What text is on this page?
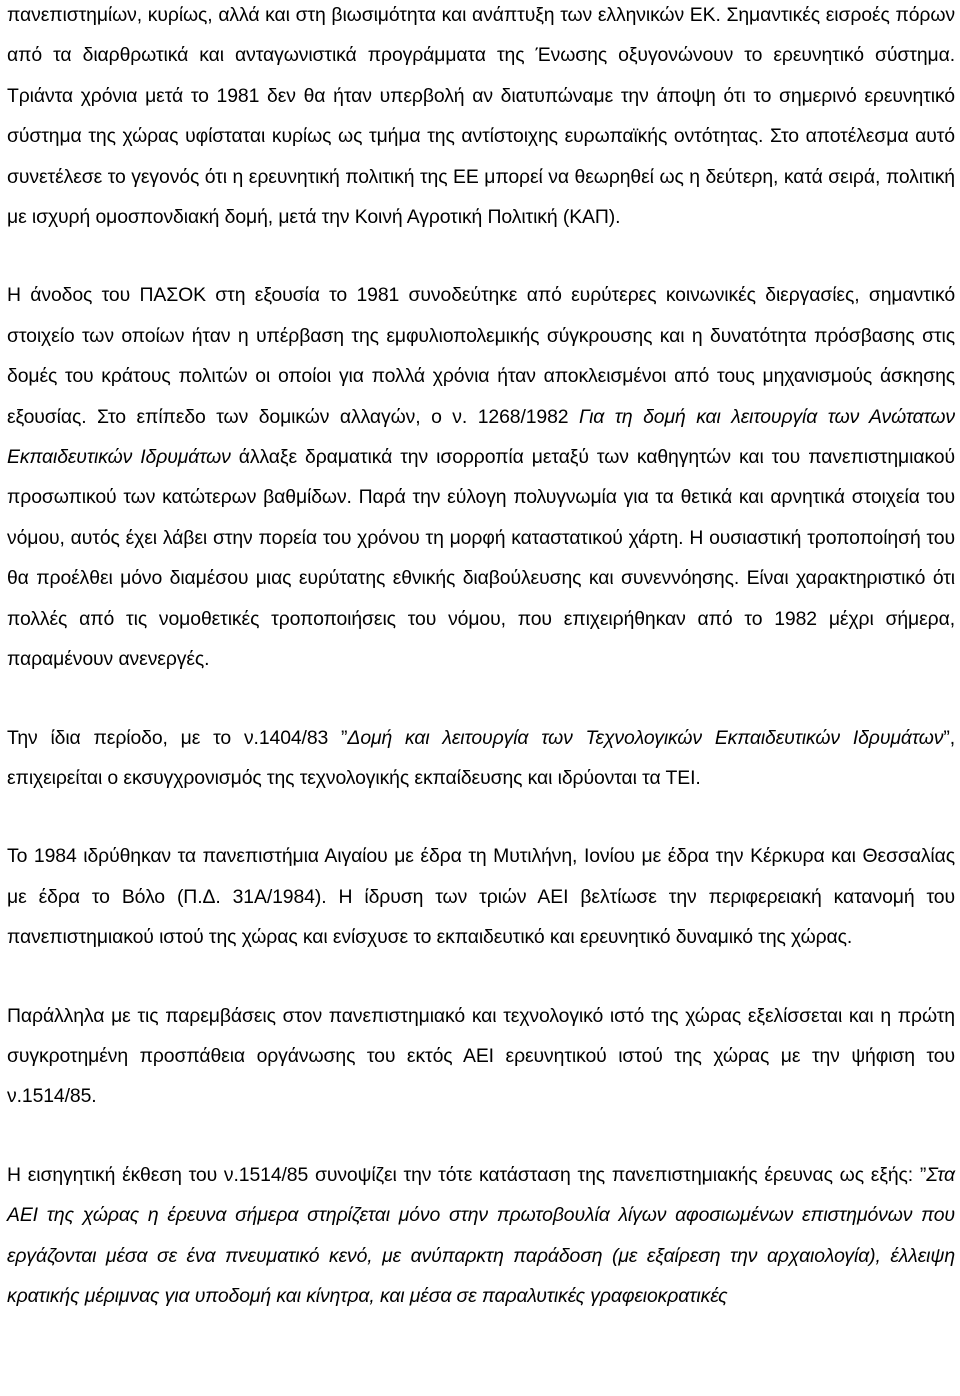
πανεπιστημίων, κυρίως, αλλά και στη βιωσιμότητα και ανάπτυξη των ελληνικών ΕΚ. Σημαντικές εισροές πόρων από τα διαρθρωτικά και ανταγωνιστικά προγράμματα της Ένωσης οξυγονώνουν το ερευνητικό σύστημα. Τριάντα χρόνια μετά το 1981 δεν θα ήταν υπερβολή αν διατυπώναμε την άποψη ότι το σημερινό ερευνητικό σύστημα της χώρας υφίσταται κυρίως ως τμήμα της αντίστοιχης ευρωπαϊκής οντότητας. Στο αποτέλεσμα αυτό συνετέλεσε το γεγονός ότι η ερευνητική πολιτική της ΕΕ μπορεί να θεωρηθεί ως η δεύτερη, κατά σειρά, πολιτική με ισχυρή ομοσπονδιακή δομή, μετά την Κοινή Αγροτική Πολιτική (ΚΑΠ).

Η άνοδος του ΠΑΣΟΚ στη εξουσία το 1981 συνοδεύτηκε από ευρύτερες κοινωνικές διεργασίες, σημαντικό στοιχείο των οποίων ήταν η υπέρβαση της εμφυλιοπολεμικής σύγκρουσης και η δυνατότητα πρόσβασης στις δομές του κράτους πολιτών οι οποίοι για πολλά χρόνια ήταν αποκλεισμένοι από τους μηχανισμούς άσκησης εξουσίας. Στο επίπεδο των δομικών αλλαγών, ο ν. 1268/1982 Για τη δομή και λειτουργία των Ανώτατων Εκπαιδευτικών Ιδρυμάτων άλλαξε δραματικά την ισορροπία μεταξύ των καθηγητών και του πανεπιστημιακού προσωπικού των κατώτερων βαθμίδων. Παρά την εύλογη πολυγνωμία για τα θετικά και αρνητικά στοιχεία του νόμου, αυτός έχει λάβει στην πορεία του χρόνου τη μορφή καταστατικού χάρτη. Η ουσιαστική τροποποίησή του θα προέλθει μόνο διαμέσου μιας ευρύτατης εθνικής διαβούλευσης και συνεννόησης. Είναι χαρακτηριστικό ότι πολλές από τις νομοθετικές τροποποιήσεις του νόμου, που επιχειρήθηκαν από το 1982 μέχρι σήμερα, παραμένουν ανενεργές.

Την ίδια περίοδο, με το ν.1404/83 ”Δομή και λειτουργία των Τεχνολογικών Εκπαιδευτικών Ιδρυμάτων”, επιχειρείται ο εκσυγχρονισμός της τεχνολογικής εκπαίδευσης και ιδρύονται τα ΤΕΙ.

Το 1984 ιδρύθηκαν τα πανεπιστήμια Αιγαίου με έδρα τη Μυτιλήνη, Ιονίου με έδρα την Κέρκυρα και Θεσσαλίας με έδρα το Βόλο (Π.Δ. 31Α/1984). Η ίδρυση των τριών ΑΕΙ βελτίωσε την περιφερειακή κατανομή του πανεπιστημιακού ιστού της χώρας και ενίσχυσε το εκπαιδευτικό και ερευνητικό δυναμικό της χώρας.

Παράλληλα με τις παρεμβάσεις στον πανεπιστημιακό και τεχνολογικό ιστό της χώρας εξελίσσεται και η πρώτη συγκροτημένη προσπάθεια οργάνωσης του εκτός ΑΕΙ ερευνητικού ιστού της χώρας με την ψήφιση του ν.1514/85.

Η εισηγητική έκθεση του ν.1514/85 συνοψίζει την τότε κατάσταση της πανεπιστημιακής έρευνας ως εξής: ”Στα ΑΕΙ της χώρας η έρευνα σήμερα στηρίζεται μόνο στην πρωτοβουλία λίγων αφοσιωμένων επιστημόνων που εργάζονται μέσα σε ένα πνευματικό κενό, με ανύπαρκτη παράδοση (με εξαίρεση την αρχαιολογία), έλλειψη κρατικής μέριμνας για υποδομή και κίνητρα, και μέσα σε παραλυτικές γραφειοκρατικές
